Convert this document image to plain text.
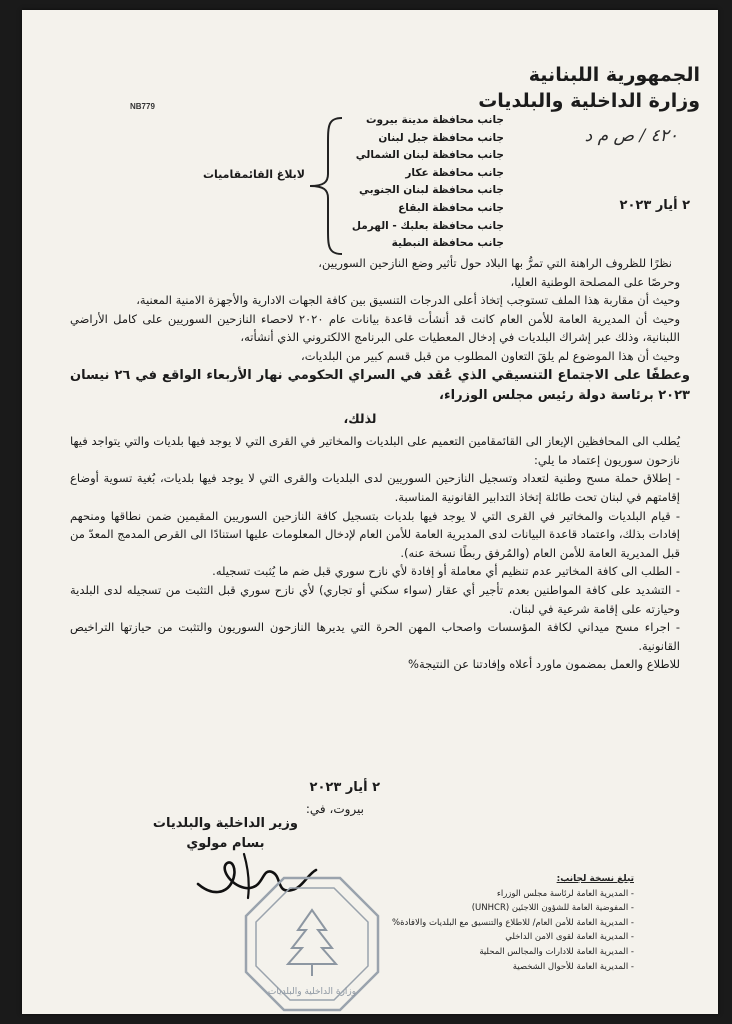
الجمهورية اللبنانية
وزارة الداخلية والبلديات
٤٢٠ / ص م د
NB779
جانب محافظة مدينة بيروت
جانب محافظة جبل لبنان
جانب محافظة لبنان الشمالي
جانب محافظة عكار
جانب محافظة لبنان الجنوبي
جانب محافظة البقاع
جانب محافظة بعلبك - الهرمل
جانب محافظة النبطية
لابلاغ القائمقاميات
٢ أيار ٢٠٢٣

نظرًا للظروف الراهنة التي تمرُّ بها البلاد حول تأثير وضع النازحين السوريين،

وحرصًا على المصلحة الوطنية العليا،

وحيث أن مقاربة هذا الملف تستوجب إتخاذ أعلى الدرجات التنسيق بين كافة الجهات الادارية والأجهزة الامنية المعنية،

وحيث أن المديرية العامة للأمن العام كانت قد أنشأت قاعدة بيانات عام ٢٠٢٠ لاحصاء النازحين السوريين على كامل الأراضي اللبنانية، وذلك عبر إشراك البلديات في إدخال المعطيات على البرنامج الالكتروني الذي أنشأته،

وحيث أن هذا الموضوع لم يلقَ التعاون المطلوب من قبل قسم كبير من البلديات،

وعطفًا على الاجتماع التنسيقي الذي عُقد في السراي الحكومي نهار الأربعاء الواقع في ٢٦ نيسان ٢٠٢٣ برئاسة دولة رئيس مجلس الوزراء،

لذلك،

يُطلب الى المحافظين الإيعاز الى القائمقامين التعميم على البلديات والمخاتير في القرى التي لا يوجد فيها بلديات والتي يتواجد فيها نازحون سوريون إعتماد ما يلي:

- إطلاق حملة مسح وطنية لتعداد وتسجيل النازحين السوريين لدى البلديات والقرى التي لا يوجد فيها بلديات، بُغية تسوية أوضاع إقامتهم في لبنان تحت طائلة إتخاذ التدابير القانونية المناسبة.

- قيام البلديات والمخاتير في القرى التي لا يوجد فيها بلديات بتسجيل كافة النازحين السوريين المقيمين ضمن نطاقها ومنحهم إفادات بذلك، واعتماد قاعدة البيانات لدى المديرية العامة للأمن العام لإدخال المعلومات عليها استنادًا الى القرص المدمج المعدّ من قبل المديرية العامة للأمن العام (والمُرفق ربطًا نسخة عنه).

- الطلب الى كافة المخاتير عدم تنظيم أي معاملة أو إفادة لأي نازح سوري قبل ضم ما يُثبت تسجيله.

- التشديد على كافة المواطنين بعدم تأجير أي عقار (سواء سكني أو تجاري) لأي نازح سوري قبل التثبت من تسجيله لدى البلدية وحيازته على إقامة شرعية في لبنان.

- اجراء مسح ميداني لكافة المؤسسات واصحاب المهن الحرة التي يديرها النازحون السوريون والتثبت من حيازتها التراخيص القانونية.

للاطلاع والعمل بمضمون ماورد أعلاه وإفادتنا عن النتيجة%

٢ أيار ٢٠٢٣
بيروت، في:
وزير الداخلية والبلديات
بسام مولوي
وزارة الداخلية والبلديات
تبلغ نسخة لجانب:
- المديرية العامة لرئاسة مجلس الوزراء
- المفوضية العامة للشؤون اللاجئين (UNHCR)
- المديرية العامة للأمن العام/ للاطلاع والتنسيق مع البلديات والافادة%
- المديرية العامة لقوى الامن الداخلي
- المديرية العامة للادارات والمجالس المحلية
- المديرية العامة للأحوال الشخصية
